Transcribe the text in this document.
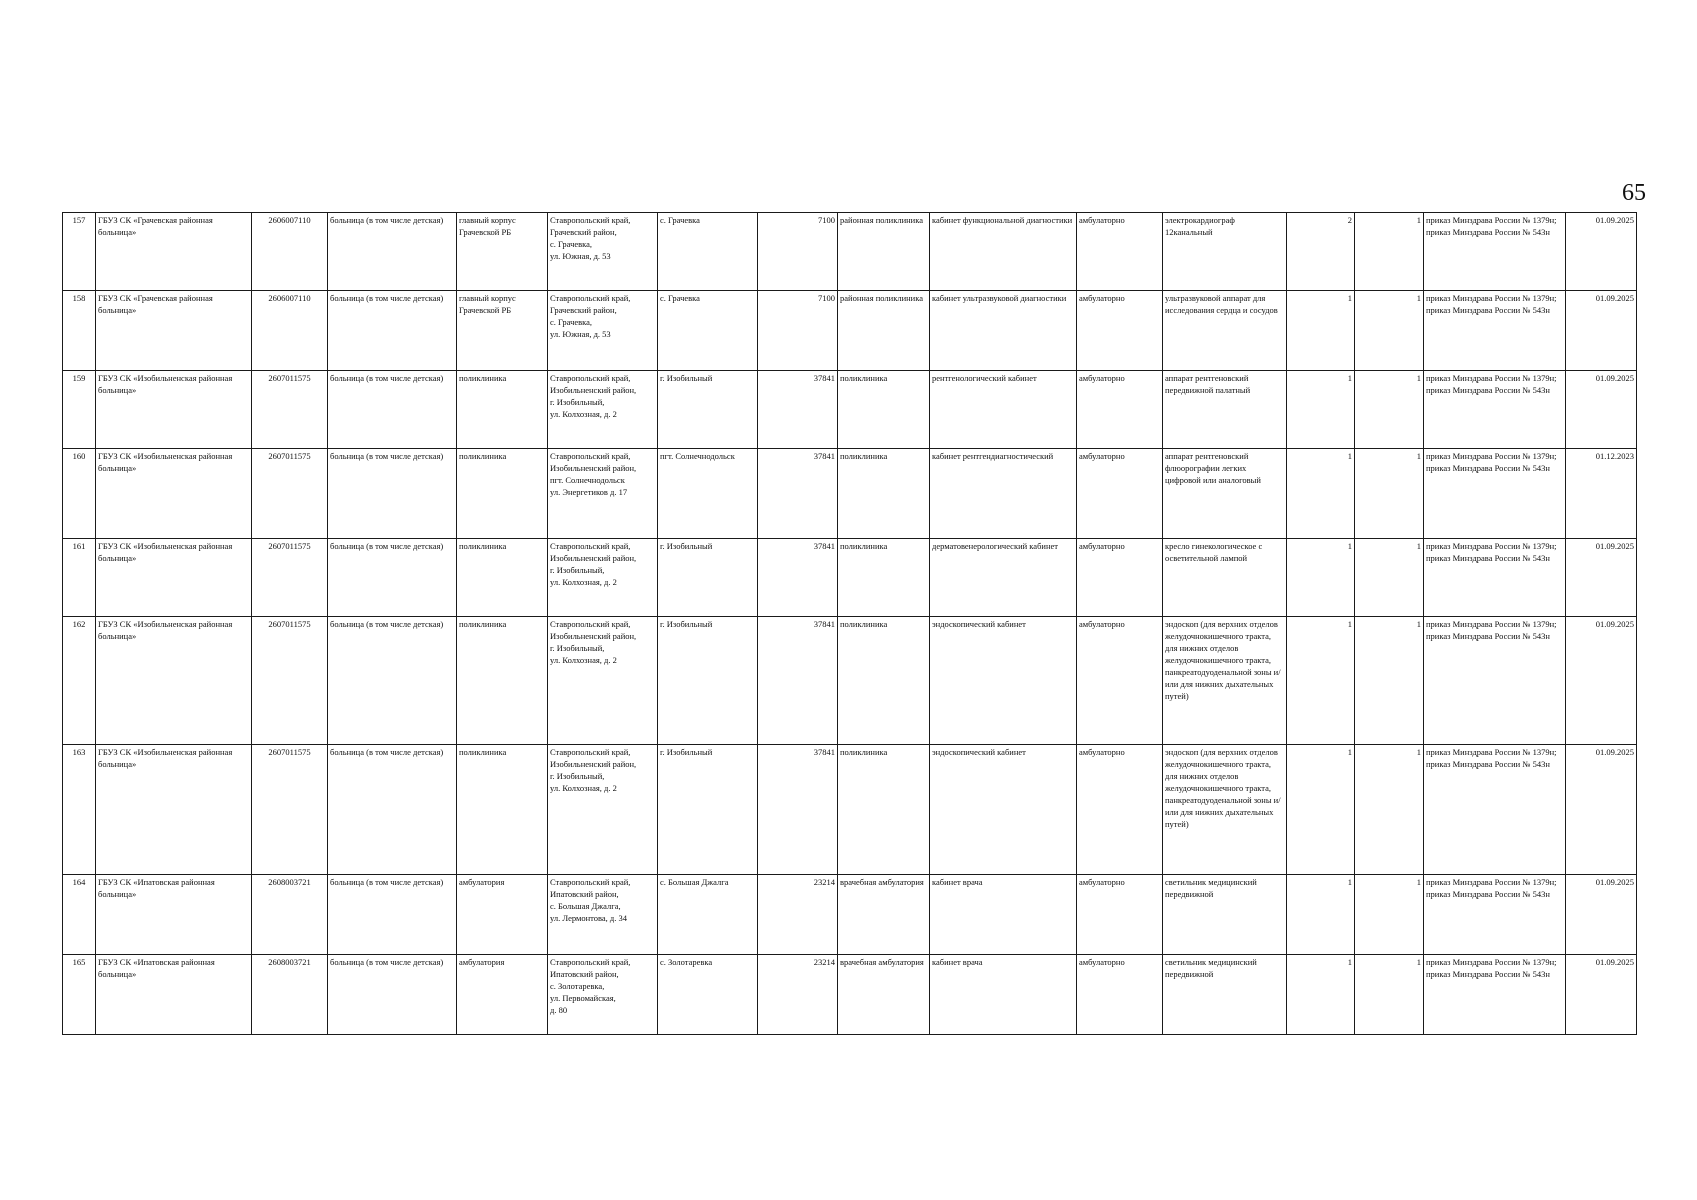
65
157	ГБУЗ СК «Грачевская районная больница»	2606007110	больница (в том числе детская)	главный корпус Грачевской РБ	Ставропольский край,
Грачевский район,
с. Грачевка,
ул. Южная, д. 53	с. Грачевка	7100	районная поликлиника	кабинет функциональной диагностики	амбулаторно	электрокардиограф 12канальный	2	1	приказ Минздрава России № 1379н;
приказ Минздрава России № 543н	01.09.2025
158	ГБУЗ СК «Грачевская районная больница»	2606007110	больница (в том числе детская)	главный корпус Грачевской РБ	Ставропольский край,
Грачевский район,
с. Грачевка,
ул. Южная, д. 53	с. Грачевка	7100	районная поликлиника	кабинет ультразвуковой диагностики	амбулаторно	ультразвуковой аппарат для исследования сердца и сосудов	1	1	приказ Минздрава России № 1379н;
приказ Минздрава России № 543н	01.09.2025
159	ГБУЗ СК «Изобильненская районная больница»	2607011575	больница (в том числе детская)	поликлиника	Ставропольский край,
Изобильненский район,
г. Изобильный,
ул. Колхозная, д. 2	г. Изобильный	37841	поликлиника	рентгенологический кабинет	амбулаторно	аппарат рентгеновский передвижной палатный	1	1	приказ Минздрава России № 1379н;
приказ Минздрава России № 543н	01.09.2025
160	ГБУЗ СК «Изобильненская районная больница»	2607011575	больница (в том числе детская)	поликлиника	Ставропольский край,
Изобильненский район,
пгт. Солнечнодольск
ул. Энергетиков д. 17	пгт. Солнечнодольск	37841	поликлиника	кабинет рентгендиагностический	амбулаторно	аппарат рентгеновский флюорографии легких цифровой или аналоговый	1	1	приказ Минздрава России № 1379н;
приказ Минздрава России № 543н	01.12.2023
161	ГБУЗ СК «Изобильненская районная больница»	2607011575	больница (в том числе детская)	поликлиника	Ставропольский край,
Изобильненский район,
г. Изобильный,
ул. Колхозная, д. 2	г. Изобильный	37841	поликлиника	дерматовенерологический кабинет	амбулаторно	кресло гинекологическое с осветительной лампой	1	1	приказ Минздрава России № 1379н;
приказ Минздрава России № 543н	01.09.2025
162	ГБУЗ СК «Изобильненская районная больница»	2607011575	больница (в том числе детская)	поликлиника	Ставропольский край,
Изобильненский район,
г. Изобильный,
ул. Колхозная, д. 2	г. Изобильный	37841	поликлиника	эндоскопический кабинет	амбулаторно	эндоскоп (для верхних отделов желудочнокишечного тракта, для нижних отделов желудочнокишечного тракта, панкреатодуоденальной зоны и/или для нижних дыхательных путей)	1	1	приказ Минздрава России № 1379н;
приказ Минздрава России № 543н	01.09.2025
163	ГБУЗ СК «Изобильненская районная больница»	2607011575	больница (в том числе детская)	поликлиника	Ставропольский край,
Изобильненский район,
г. Изобильный,
ул. Колхозная, д. 2	г. Изобильный	37841	поликлиника	эндоскопический кабинет	амбулаторно	эндоскоп (для верхних отделов желудочнокишечного тракта, для нижних отделов желудочнокишечного тракта, панкреатодуоденальной зоны и/или для нижних дыхательных путей)	1	1	приказ Минздрава России № 1379н;
приказ Минздрава России № 543н	01.09.2025
164	ГБУЗ СК «Ипатовская районная больница»	2608003721	больница (в том числе детская)	амбулатория	Ставропольский край,
Ипатовский район,
с. Большая Джалга,
ул. Лермонтова, д. 34	с. Большая Джалга	23214	врачебная амбулатория	кабинет врача	амбулаторно	светильник медицинский передвижной	1	1	приказ Минздрава России № 1379н;
приказ Минздрава России № 543н	01.09.2025
165	ГБУЗ СК «Ипатовская районная больница»	2608003721	больница (в том числе детская)	амбулатория	Ставропольский край,
Ипатовский район,
с. Золотаревка,
ул. Первомайская,
д. 80	с. Золотаревка	23214	врачебная амбулатория	кабинет врача	амбулаторно	светильник медицинский передвижной	1	1	приказ Минздрава России № 1379н;
приказ Минздрава России № 543н	01.09.2025
